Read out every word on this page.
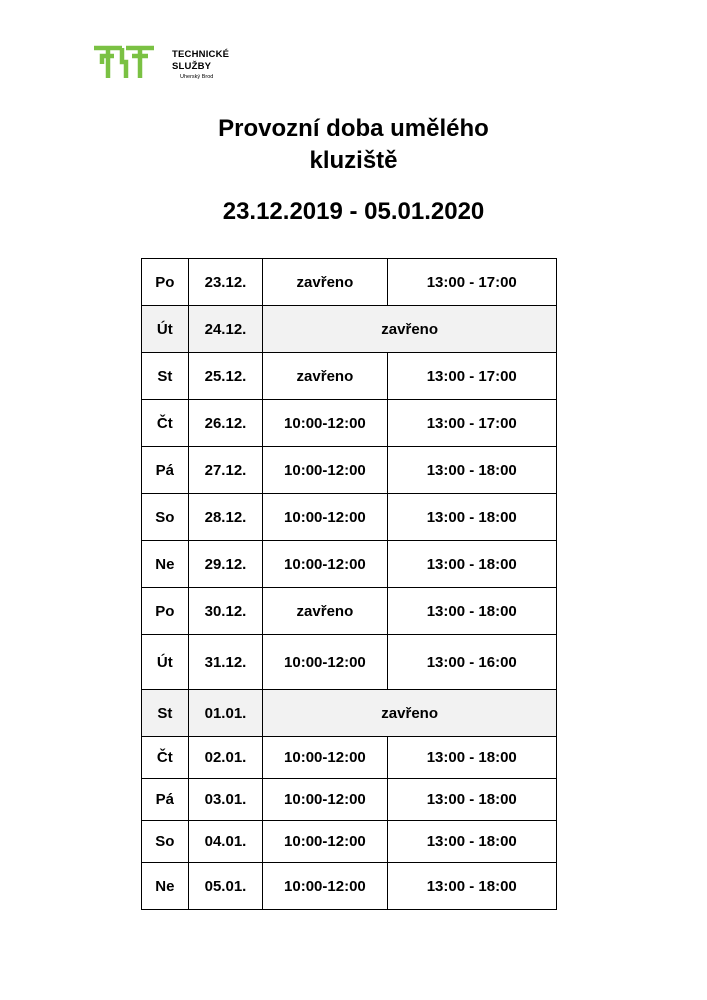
TECHNICKÉ
SLUŽBY
Uherský Brod
Provozní doba umělého
kluziště
23.12.2019 - 05.01.2020
Po	23.12.	zavřeno	13:00 - 17:00
Út	24.12.	zavřeno	
St	25.12.	zavřeno	13:00 - 17:00
Čt	26.12.	10:00-12:00	13:00 - 17:00
Pá	27.12.	10:00-12:00	13:00 - 18:00
So	28.12.	10:00-12:00	13:00 - 18:00
Ne	29.12.	10:00-12:00	13:00 - 18:00
Po	30.12.	zavřeno	13:00 - 18:00
Út	31.12.	10:00-12:00	13:00 - 16:00
St	01.01.	zavřeno	
Čt	02.01.	10:00-12:00	13:00 - 18:00
Pá	03.01.	10:00-12:00	13:00 - 18:00
So	04.01.	10:00-12:00	13:00 - 18:00
Ne	05.01.	10:00-12:00	13:00 - 18:00
